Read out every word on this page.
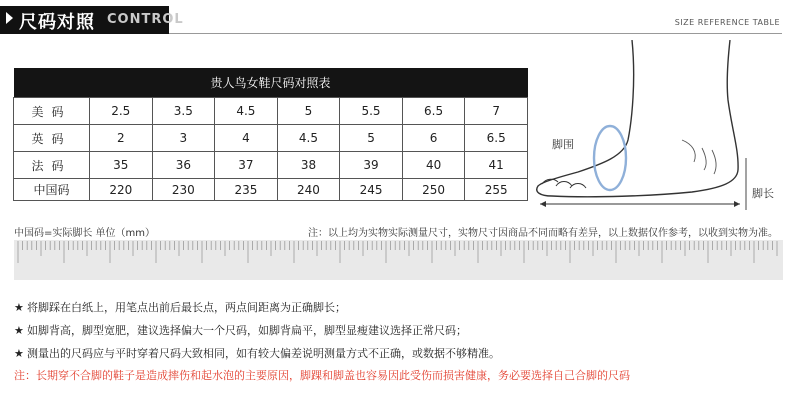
尺码对照 CONTROL	SIZE REFERENCE TABLE
贵人鸟女鞋尺码对照表							
美码	2.5	3.5	4.5	5	5.5	6.5	7
英码	2	3	4	4.5	5	6	6.5
法码	35	36	37	38	39	40	41
中国码	220	230	235	240	245	250	255
脚围
脚长
中国码=实际脚长 单位（mm）	注：以上均为实物实际测量尺寸，实物尺寸因商品不同而略有差异，以上数据仅作参考，以收到实物为准。
★ 将脚踩在白纸上，用笔点出前后最长点，两点间距离为正确脚长；
★ 如脚背高，脚型宽肥，建议选择偏大一个尺码，如脚背扁平，脚型显瘦建议选择正常尺码；
★ 测量出的尺码应与平时穿着尺码大致相同，如有较大偏差说明测量方式不正确，或数据不够精准。
注：长期穿不合脚的鞋子是造成摔伤和起水泡的主要原因，脚踝和脚盖也容易因此受伤而损害健康，务必要选择自己合脚的尺码
